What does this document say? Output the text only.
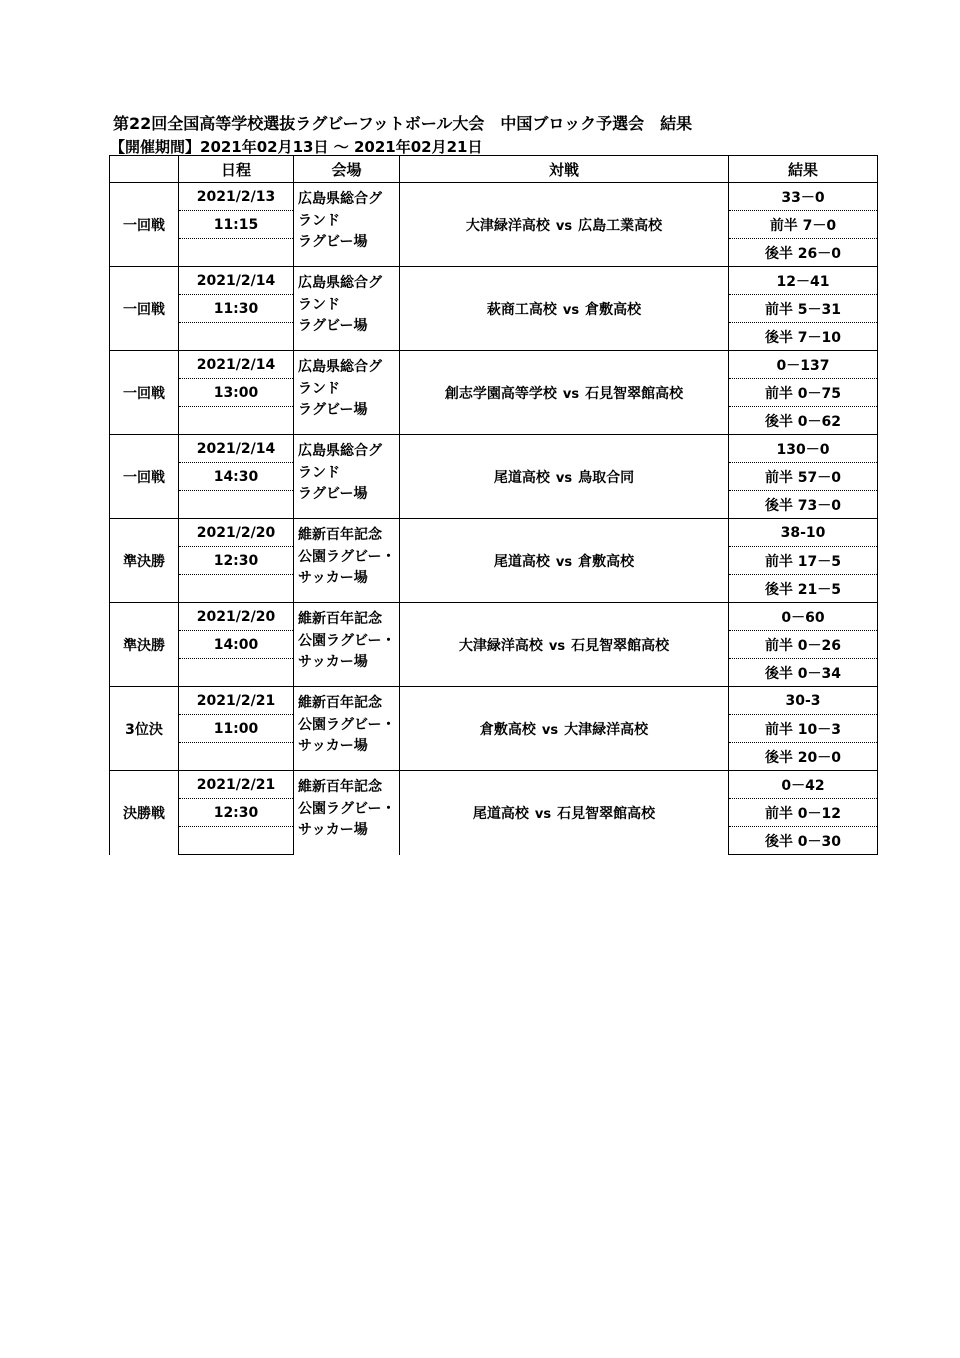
第22回全国高等学校選抜ラグビーフットボール大会　中国ブロック予選会　結果
【開催期間】2021年02月13日 ～ 2021年02月21日
	日程	会場	対戦	結果
一回戦	2021/2/13	広島県総合グ
ランド
ラグビー場	大津緑洋高校 vs 広島工業高校	33－0
	11:15			前半 7－0
				後半 26－0
一回戦	2021/2/14	広島県総合グ
ランド
ラグビー場	萩商工高校 vs 倉敷高校	12－41
	11:30			前半 5－31
				後半 7－10
一回戦	2021/2/14	広島県総合グ
ランド
ラグビー場	創志学園高等学校 vs 石見智翠館高校	0－137
	13:00			前半 0－75
				後半 0－62
一回戦	2021/2/14	広島県総合グ
ランド
ラグビー場	尾道高校 vs 鳥取合同	130－0
	14:30			前半 57－0
				後半 73－0
準決勝	2021/2/20	維新百年記念
公園ラグビー・
サッカー場	尾道高校 vs 倉敷高校	38-10
	12:30			前半 17－5
				後半 21－5
準決勝	2021/2/20	維新百年記念
公園ラグビー・
サッカー場	大津緑洋高校 vs 石見智翠館高校	0－60
	14:00			前半 0－26
				後半 0－34
3位決	2021/2/21	維新百年記念
公園ラグビー・
サッカー場	倉敷高校 vs 大津緑洋高校	30-3
	11:00			前半 10－3
				後半 20－0
決勝戦	2021/2/21	維新百年記念
公園ラグビー・
サッカー場	尾道高校 vs 石見智翠館高校	0－42
	12:30			前半 0－12
				後半 0－30
